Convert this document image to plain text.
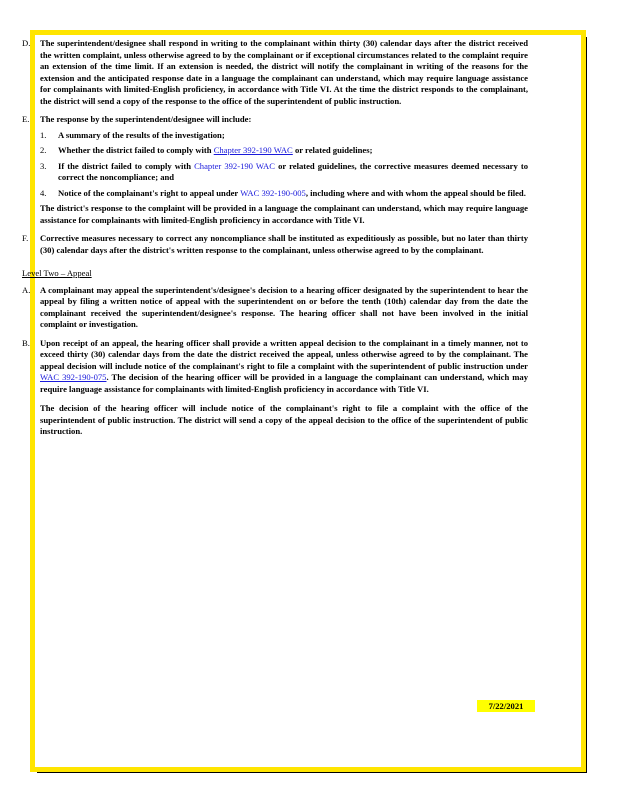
D. The superintendent/designee shall respond in writing to the complainant within thirty (30) calendar days after the district received the written complaint, unless otherwise agreed to by the complainant or if exceptional circumstances related to the complaint require an extension of the time limit. If an extension is needed, the district will notify the complainant in writing of the reasons for the extension and the anticipated response date in a language the complainant can understand, which may require language assistance for complainants with limited-English proficiency, in accordance with Title VI. At the time the district responds to the complainant, the district will send a copy of the response to the office of the superintendent of public instruction.

E. The response by the superintendent/designee will include:

1. A summary of the results of the investigation;

2. Whether the district failed to comply with Chapter 392-190 WAC or related guidelines;

3. If the district failed to comply with Chapter 392-190 WAC or related guidelines, the corrective measures deemed necessary to correct the noncompliance; and

4. Notice of the complainant's right to appeal under WAC 392-190-005, including where and with whom the appeal should be filed.

The district's response to the complaint will be provided in a language the complainant can understand, which may require language assistance for complainants with limited-English proficiency in accordance with Title VI.

F. Corrective measures necessary to correct any noncompliance shall be instituted as expeditiously as possible, but no later than thirty (30) calendar days after the district's written response to the complainant, unless otherwise agreed to by the complainant.

Level Two – Appeal
A. A complainant may appeal the superintendent's/designee's decision to a hearing officer designated by the superintendent to hear the appeal by filing a written notice of appeal with the superintendent on or before the tenth (10th) calendar day from the date the complainant received the superintendent/designee's response. The hearing officer shall not have been involved in the initial complaint or investigation.

B. Upon receipt of an appeal, the hearing officer shall provide a written appeal decision to the complainant in a timely manner, not to exceed thirty (30) calendar days from the date the district received the appeal, unless otherwise agreed to by the complainant. The appeal decision will include notice of the complainant's right to file a complaint with the superintendent of public instruction under WAC 392-190-075. The decision of the hearing officer will be provided in a language the complainant can understand, which may require language assistance for complainants with limited-English proficiency in accordance with Title VI.

The decision of the hearing officer will include notice of the complainant's right to file a complaint with the office of the superintendent of public instruction. The district will send a copy of the appeal decision to the office of the superintendent of public instruction.

7/22/2021
